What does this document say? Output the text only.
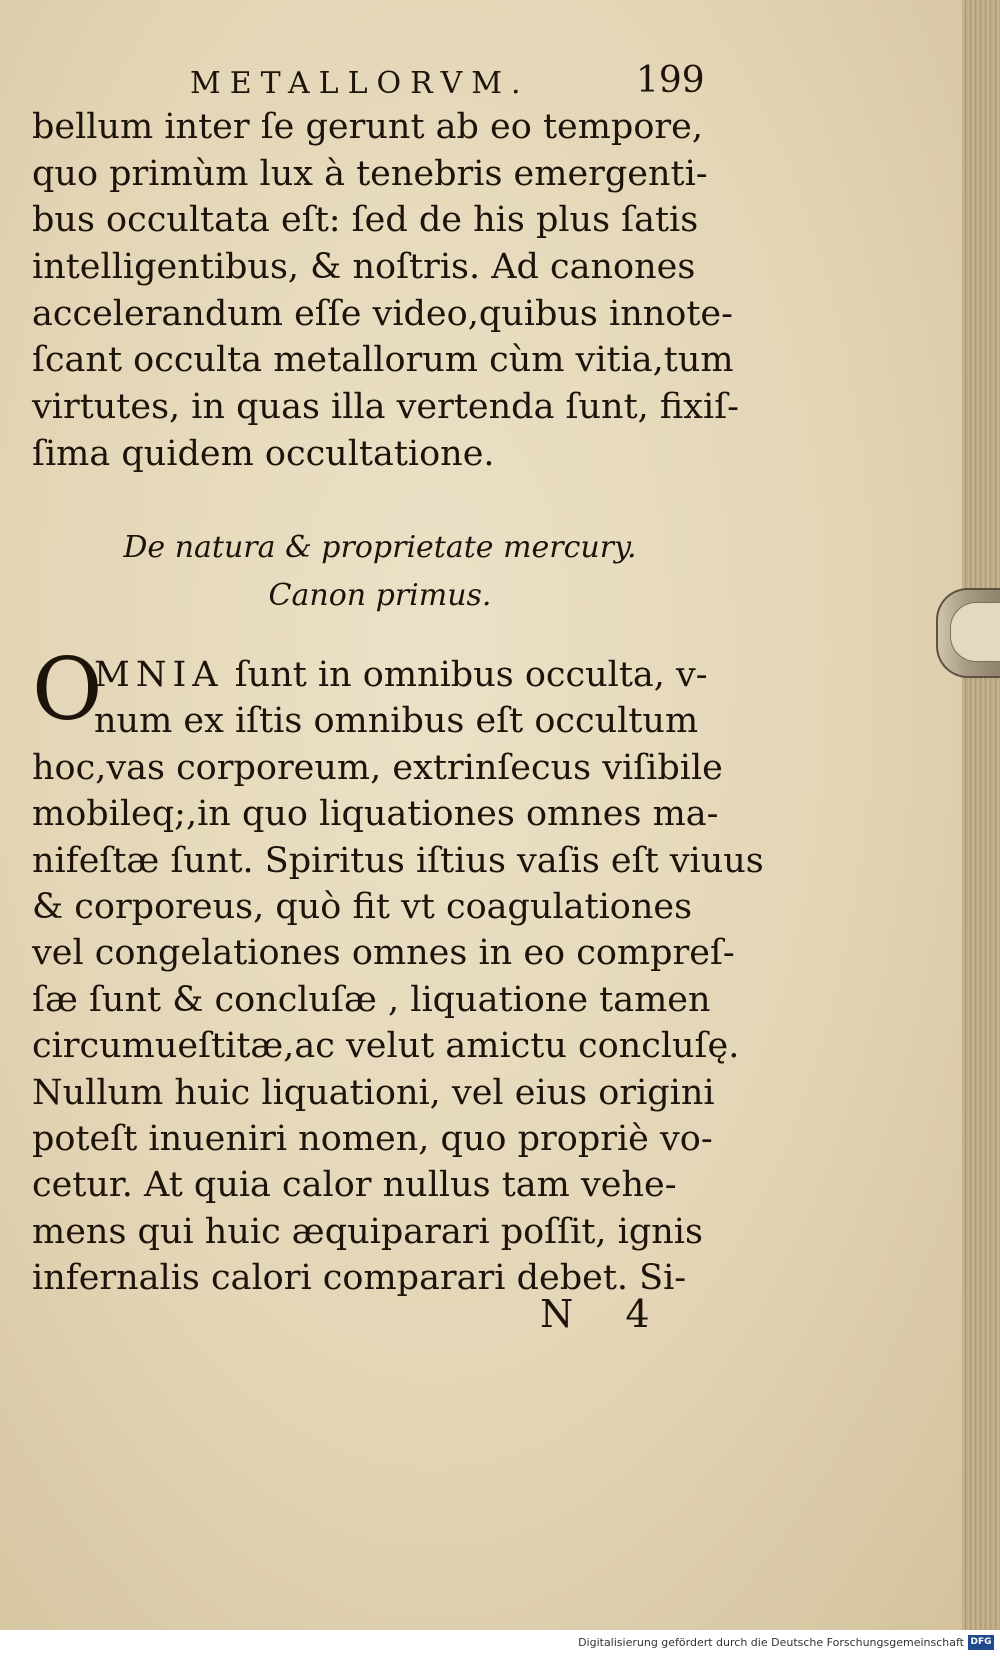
METALLORVM.	199
bellum inter ſe gerunt ab eo tempore,
quo primùm lux à tenebris emergenti-
bus occultata eſt: ſed de his plus ſatis
intelligentibus, & noſtris. Ad canones
accelerandum eſſe video,quibus innote-
ſcant occulta metallorum cùm vitia,tum
virtutes, in quas illa vertenda ſunt, fixiſ-
ſima quidem occultatione.
De natura & proprietate mercury.
Canon primus.
O
MNIA ſunt in omnibus occulta, v-
num ex iſtis omnibus eſt occultum
hoc,vas corporeum, extrinſecus viſibile
mobileq;,in quo liquationes omnes ma-
nifeſtæ ſunt. Spiritus iſtius vaſis eſt viuus
& corporeus, quò fit vt coagulationes
vel congelationes omnes in eo compreſ-
ſæ ſunt & concluſæ , liquatione tamen
circumueſtitæ,ac velut amictu concluſę.
Nullum huic liquationi, vel eius origini
poteſt inueniri nomen, quo propriè vo-
cetur. At quia calor nullus tam vehe-
mens qui huic æquiparari poſſit, ignis
infernalis calori comparari debet. Si-
N 4
Digitalisierung gefördert durch die Deutsche Forschungsgemeinschaft DFG
